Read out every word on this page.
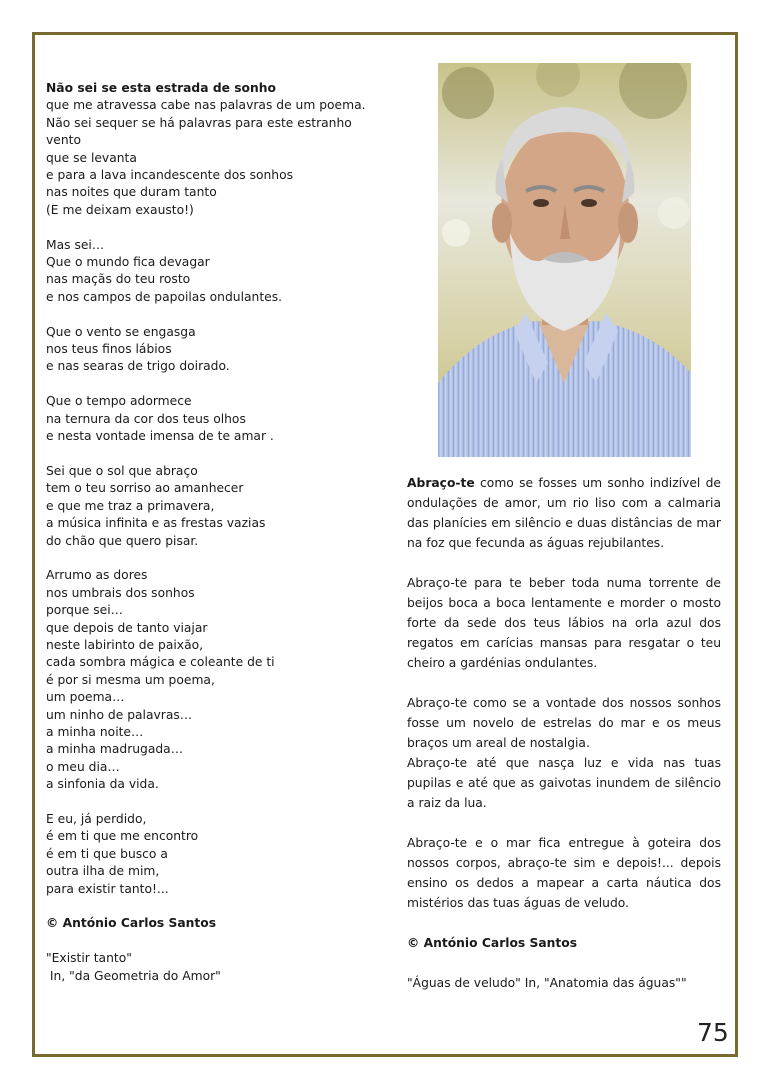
Não sei se esta estrada de sonho
que me atravessa cabe nas palavras de um poema.
Não sei sequer se há palavras para este estranho
vento
que se levanta
e para a lava incandescente dos sonhos
nas noites que duram tanto
(E me deixam exausto!)
Mas sei…
Que o mundo fica devagar
nas maçãs do teu rosto
e nos campos de papoilas ondulantes.
Que o vento se engasga
nos teus finos lábios
e nas searas de trigo doirado.
Que o tempo adormece
na ternura da cor dos teus olhos
e nesta vontade imensa de te amar .
Sei que o sol que abraço
tem o teu sorriso ao amanhecer
e que me traz a primavera,
a música infinita e as frestas vazias
do chão que quero pisar.
Arrumo as dores
nos umbrais dos sonhos
porque sei…
que depois de tanto viajar
neste labirinto de paixão,
cada sombra mágica e coleante de ti
é por si mesma um poema,
um poema…
um ninho de palavras…
a minha noite…
a minha madrugada…
o meu dia…
a sinfonia da vida.
E eu, já perdido,
é em ti que me encontro
é em ti que busco a
outra ilha de mim,
para existir tanto!...
© António Carlos Santos
"Existir tanto"
In, "da Geometria do Amor"

Abraço-te como se fosses um sonho indizível de ondulações de amor, um rio liso com a calmaria das planícies em silêncio e duas distâncias de mar na foz que fecunda as águas rejubilantes.

Abraço-te para te beber toda numa torrente de beijos boca a boca lentamente e morder o mosto forte da sede dos teus lábios na orla azul dos regatos em carícias mansas para resgatar o teu cheiro a gardénias ondulantes.

Abraço-te como se a vontade dos nossos sonhos fosse um novelo de estrelas do mar e os meus braços um areal de nostalgia.

Abraço-te até que nasça luz e vida nas tuas pupilas e até que as gaivotas inundem de silêncio a raiz da lua.

Abraço-te e o mar fica entregue à goteira dos nossos corpos, abraço-te sim e depois!... depois ensino os dedos a mapear a carta náutica dos mistérios das tuas águas de veludo.

© António Carlos Santos

"Águas de veludo" In, "Anatomia das águas""

75
